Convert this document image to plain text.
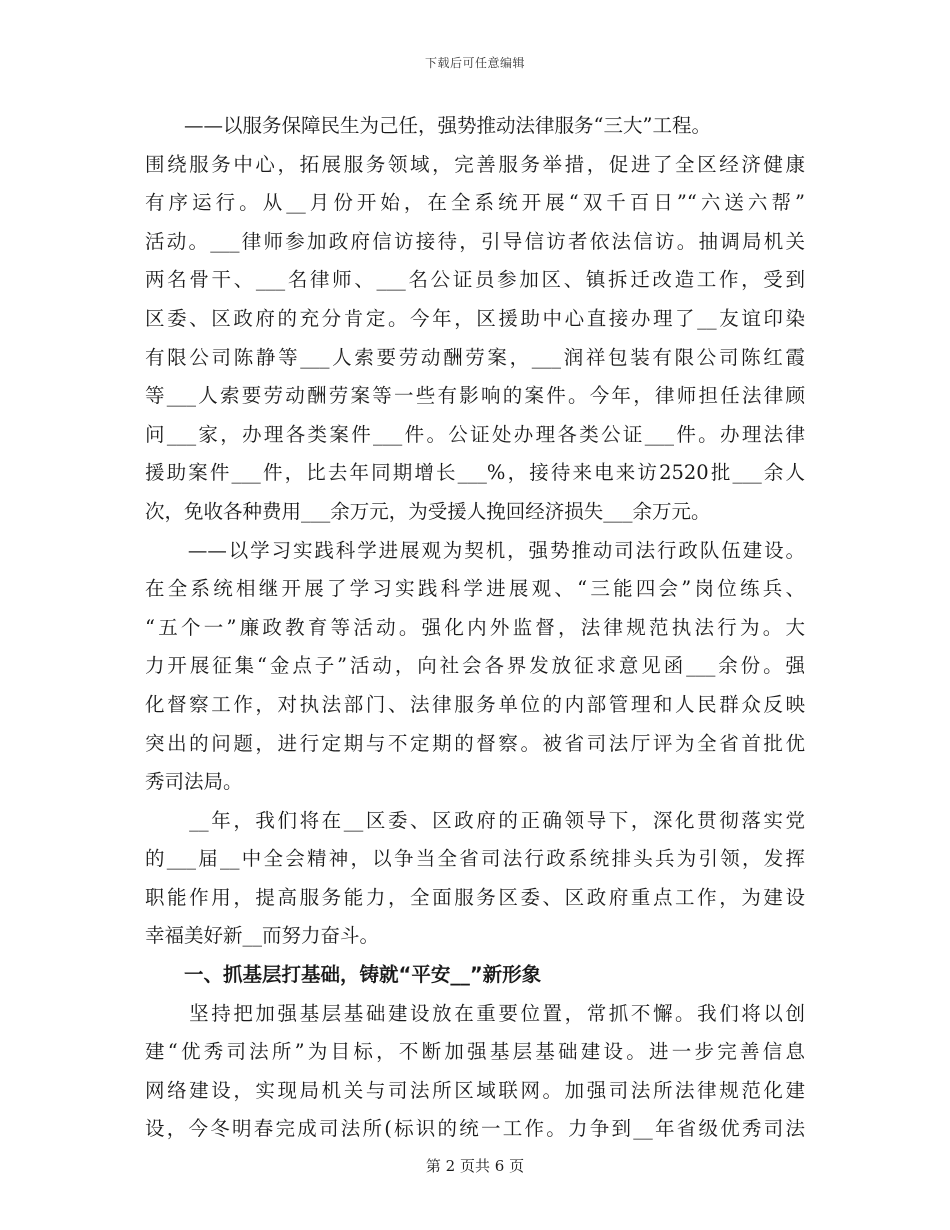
下载后可任意编辑
　　——以服务保障民生为己任，强势推动法律服务“三大”工程。
围绕服务中心，拓展服务领域，完善服务举措，促进了全区经济健康
有序运行。从__月份开始，在全系统开展“双千百日”“六送六帮”
活动。___律师参加政府信访接待，引导信访者依法信访。抽调局机关
两名骨干、___名律师、___名公证员参加区、镇拆迁改造工作，受到
区委、区政府的充分肯定。今年，区援助中心直接办理了__友谊印染
有限公司陈静等___人索要劳动酬劳案，___润祥包装有限公司陈红霞
等___人索要劳动酬劳案等一些有影响的案件。今年，律师担任法律顾
问___家，办理各类案件___件。公证处办理各类公证___件。办理法律
援助案件___件，比去年同期增长___%，接待来电来访2520批___余人
次，免收各种费用___余万元，为受援人挽回经济损失___余万元。
　　——以学习实践科学进展观为契机，强势推动司法行政队伍建设。
在全系统相继开展了学习实践科学进展观、“三能四会”岗位练兵、
“五个一”廉政教育等活动。强化内外监督，法律规范执法行为。大
力开展征集“金点子”活动，向社会各界发放征求意见函___余份。强
化督察工作，对执法部门、法律服务单位的内部管理和人民群众反映
突出的问题，进行定期与不定期的督察。被省司法厅评为全省首批优
秀司法局。
　　__年，我们将在__区委、区政府的正确领导下，深化贯彻落实党
的___届__中全会精神，以争当全省司法行政系统排头兵为引领，发挥
职能作用，提高服务能力，全面服务区委、区政府重点工作，为建设
幸福美好新__而努力奋斗。
　　一、抓基层打基础，铸就“平安__”新形象
　　坚持把加强基层基础建设放在重要位置，常抓不懈。我们将以创
建“优秀司法所”为目标，不断加强基层基础建设。进一步完善信息
网络建设，实现局机关与司法所区域联网。加强司法所法律规范化建
设，今冬明春完成司法所(标识的统一工作。力争到__年省级优秀司法
第 2 页共 6 页
